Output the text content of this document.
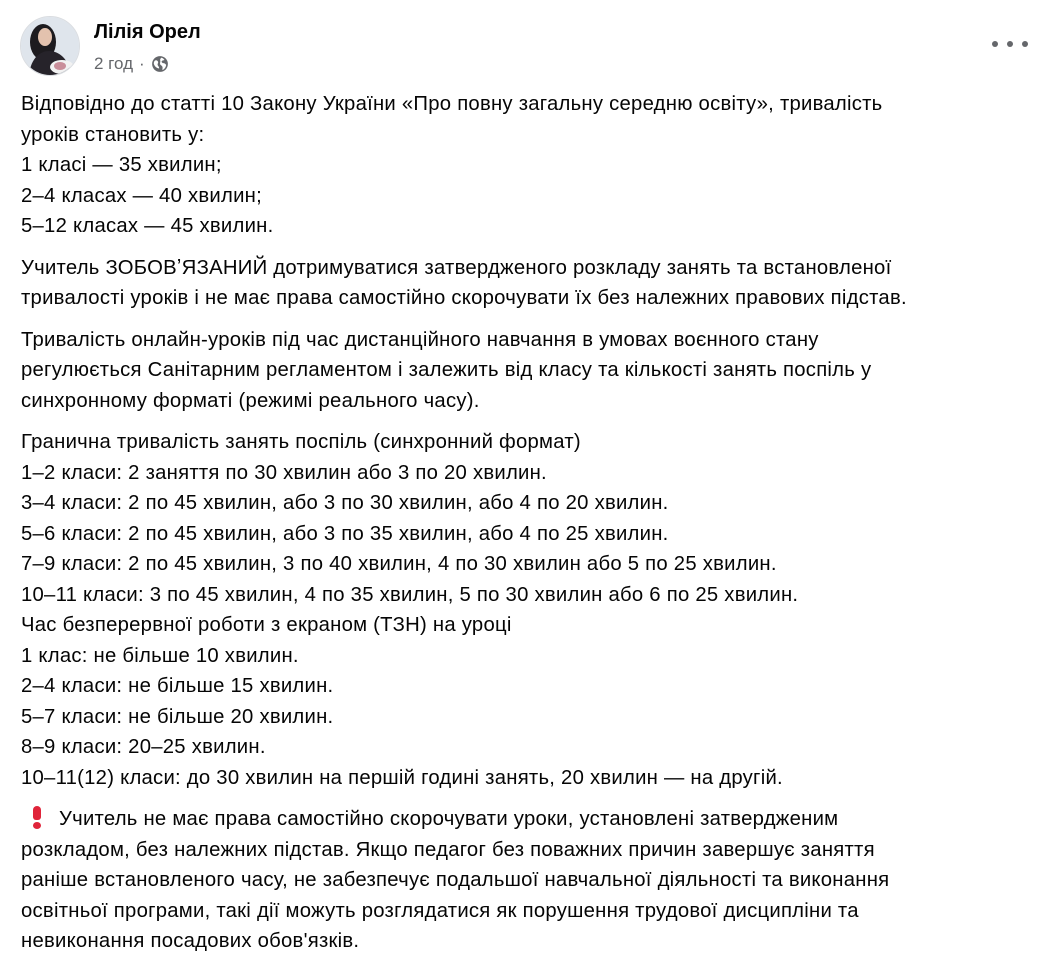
Лілія Орел
2 год ·
Відповідно до статті 10 Закону України «Про повну загальну середню освіту», тривалість
уроків становить у:
1 класі — 35 хвилин;
2–4 класах — 40 хвилин;
5–12 класах — 45 хвилин.
Учитель ЗОБОВʼЯЗАНИЙ дотримуватися затвердженого розкладу занять та встановленої
тривалості уроків і не має права самостійно скорочувати їх без належних правових підстав.
Тривалість онлайн-уроків під час дистанційного навчання в умовах воєнного стану
регулюється Санітарним регламентом і залежить від класу та кількості занять поспіль у
синхронному форматі (режимі реального часу).
Гранична тривалість занять поспіль (синхронний формат)
1–2 класи: 2 заняття по 30 хвилин або 3 по 20 хвилин.
3–4 класи: 2 по 45 хвилин, або 3 по 30 хвилин, або 4 по 20 хвилин.
5–6 класи: 2 по 45 хвилин, або 3 по 35 хвилин, або 4 по 25 хвилин.
7–9 класи: 2 по 45 хвилин, 3 по 40 хвилин, 4 по 30 хвилин або 5 по 25 хвилин.
10–11 класи: 3 по 45 хвилин, 4 по 35 хвилин, 5 по 30 хвилин або 6 по 25 хвилин.
Час безперервної роботи з екраном (ТЗН) на уроці
1 клас: не більше 10 хвилин.
2–4 класи: не більше 15 хвилин.
5–7 класи: не більше 20 хвилин.
8–9 класи: 20–25 хвилин.
10–11(12) класи: до 30 хвилин на першій годині занять, 20 хвилин — на другій.
Учитель не має права самостійно скорочувати уроки, установлені затвердженим
розкладом, без належних підстав. Якщо педагог без поважних причин завершує заняття
раніше встановленого часу, не забезпечує подальшої навчальної діяльності та виконання
освітньої програми, такі дії можуть розглядатися як порушення трудової дисципліни та
невиконання посадових обов'язків.
